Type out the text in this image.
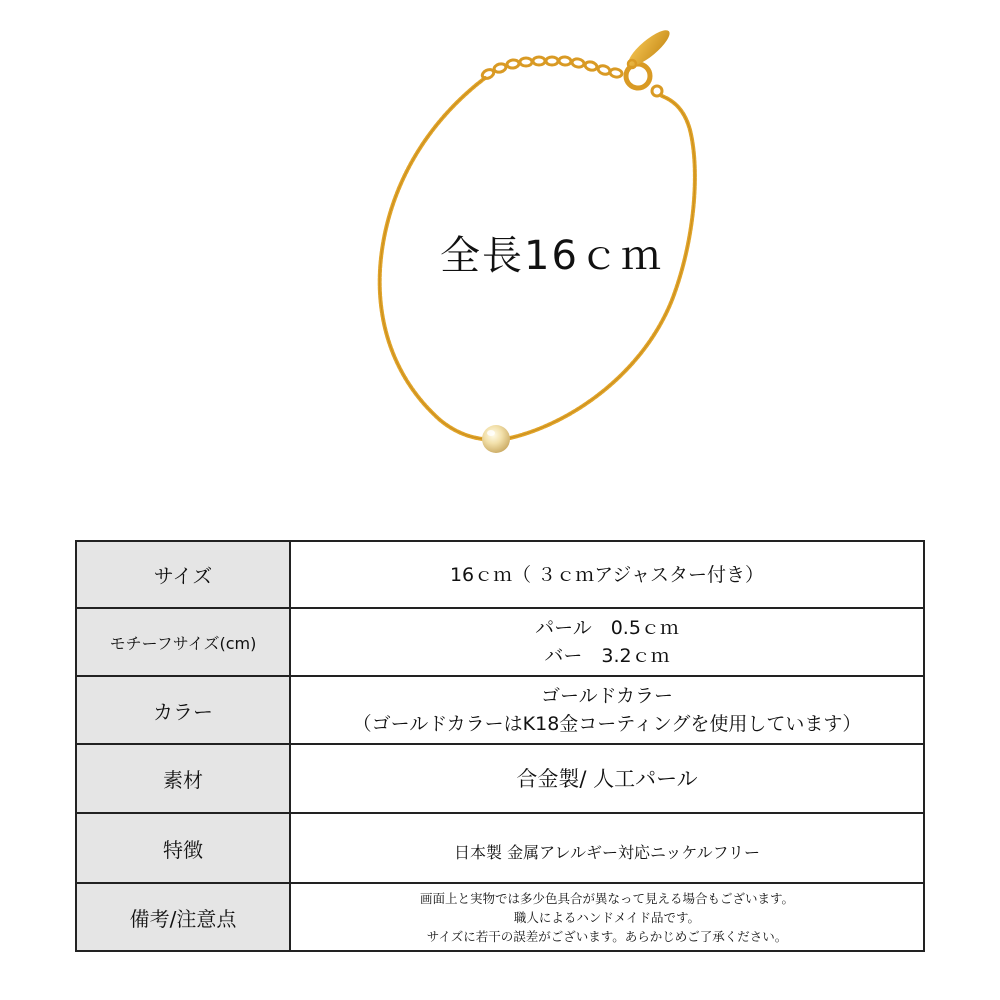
全長16ｃｍ
サイズ	16ｃｍ（ ３ｃｍアジャスター付き）

モチーフサイズ(cm)	パール　0.5ｃｍ
バー　3.2ｃｍ

カラー	ゴールドカラー
（ゴールドカラーはK18金コーティングを使用しています）

素材	合金製/ 人工パール

特徴	日本製 金属アレルギー対応ニッケルフリー

備考/注意点	画面上と実物では多少色具合が異なって見える場合もございます。
職人によるハンドメイド品です。
サイズに若干の誤差がございます。あらかじめご了承ください。
